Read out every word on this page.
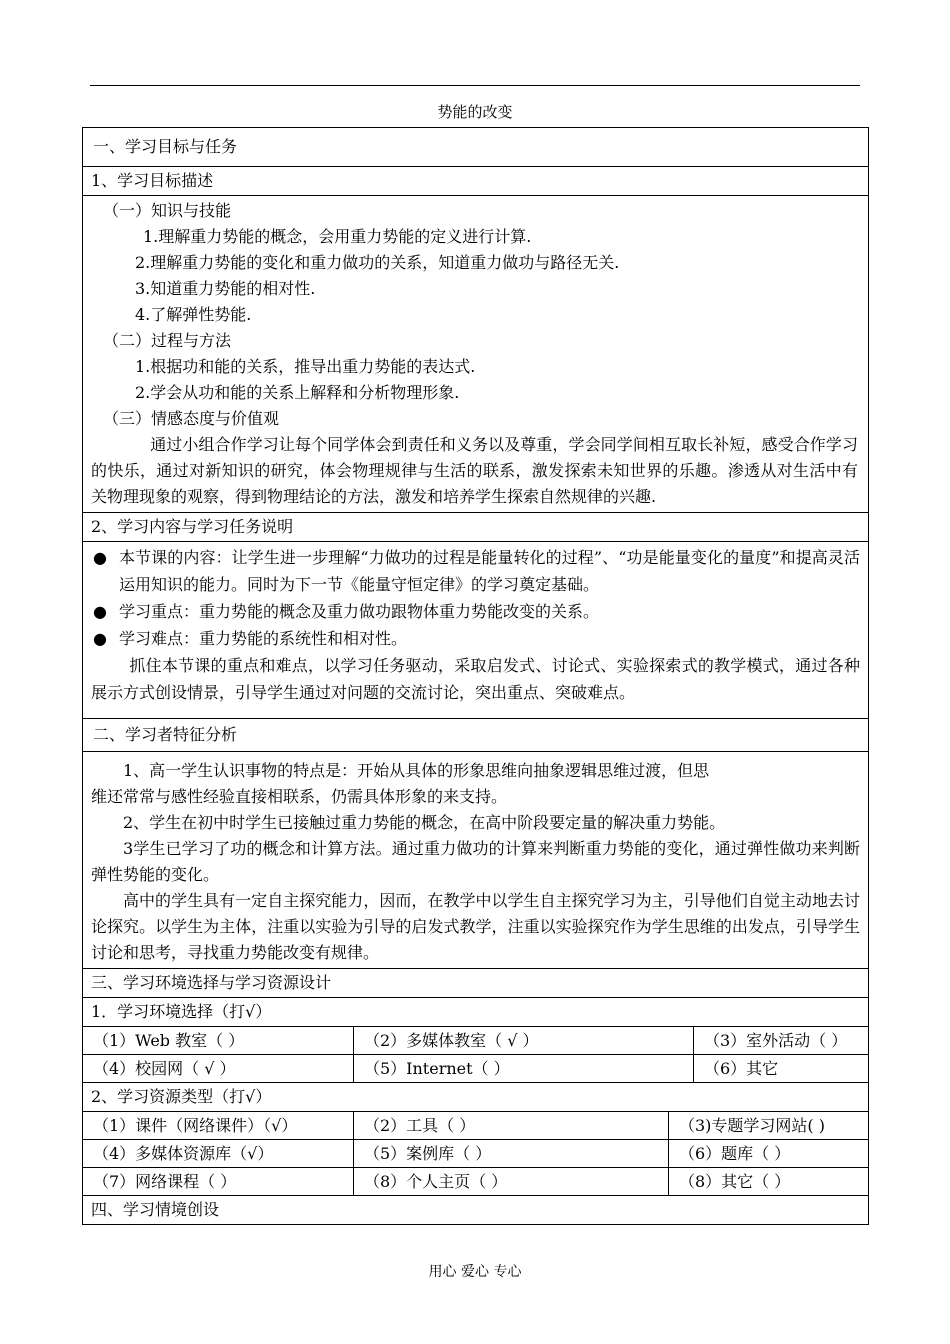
势能的改变
一、学习目标与任务
1、学习目标描述
（一）知识与技能
1.理解重力势能的概念，会用重力势能的定义进行计算.
2.理解重力势能的变化和重力做功的关系，知道重力做功与路径无关.
3.知道重力势能的相对性.
4.了解弹性势能.
（二）过程与方法
1.根据功和能的关系，推导出重力势能的表达式.
2.学会从功和能的关系上解释和分析物理形象.
（三）情感态度与价值观

通过小组合作学习让每个同学体会到责任和义务以及尊重，学会同学间相互取长补短，感受合作学习的快乐，通过对新知识的研究，体会物理规律与生活的联系，激发探索未知世界的乐趣。渗透从对生活中有关物理现象的观察，得到物理结论的方法，激发和培养学生探索自然规律的兴趣.

2、学习内容与学习任务说明
● 本节课的内容：让学生进一步理解“力做功的过程是能量转化的过程”、“功是能量变化的量度”和提高灵活运用知识的能力。同时为下一节《能量守恒定律》的学习奠定基础。
● 学习重点：重力势能的概念及重力做功跟物体重力势能改变的关系。
● 学习难点：重力势能的系统性和相对性。

抓住本节课的重点和难点，以学习任务驱动，采取启发式、讨论式、实验探索式的教学模式，通过各种展示方式创设情景，引导学生通过对问题的交流讨论，突出重点、突破难点。

二、学习者特征分析
1、高一学生认识事物的特点是：开始从具体的形象思维向抽象逻辑思维过渡，但思
维还常常与感性经验直接相联系，仍需具体形象的来支持。
2、学生在初中时学生已接触过重力势能的概念，在高中阶段要定量的解决重力势能。

3学生已学习了功的概念和计算方法。通过重力做功的计算来判断重力势能的变化，通过弹性做功来判断弹性势能的变化。

高中的学生具有一定自主探究能力，因而，在教学中以学生自主探究学习为主，引导他们自觉主动地去讨论探究。以学生为主体，注重以实验为引导的启发式教学，注重以实验探究作为学生思维的出发点，引导学生讨论和思考，寻找重力势能改变有规律。

三、学习环境选择与学习资源设计
1．学习环境选择（打√）
（1）Web 教室（ ）	（2）多媒体教室（ √ ）	（3）室外活动（ ）
（4）校园网（ √ ）	（5）Internet（ ）	（6）其它
2、学习资源类型（打√）
（1）课件（网络课件）（√）	（2）工具（ ）	（3)专题学习网站( )
（4）多媒体资源库（√）	（5）案例库（ ）	（6）题库（ ）
（7）网络课程（ ）	（8）个人主页（ ）	（8）其它（ ）
四、学习情境创设
用心 爱心 专心
